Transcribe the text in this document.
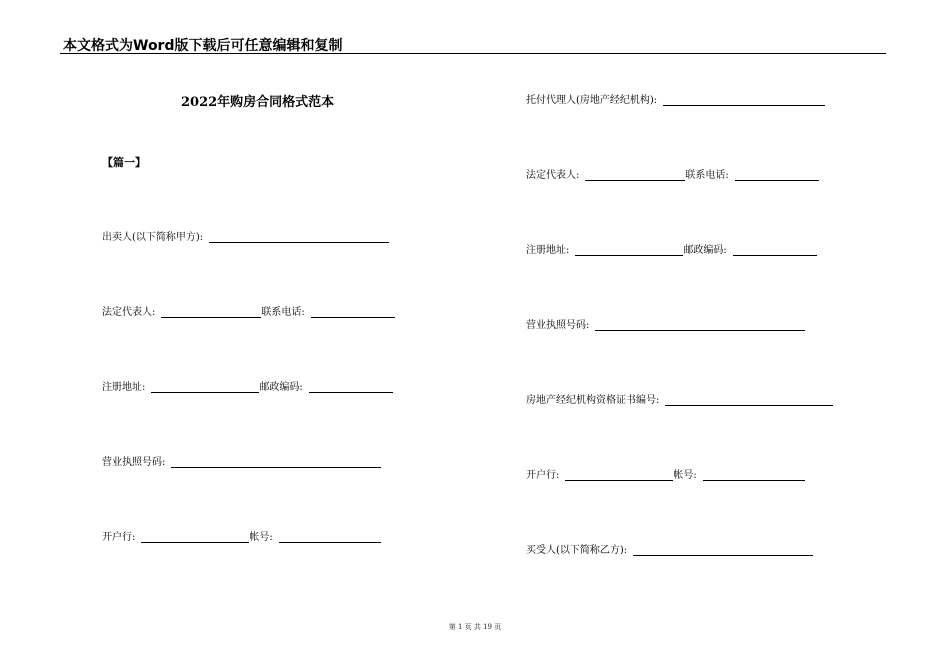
本文格式为Word版下载后可任意编辑和复制
2022年购房合同格式范本
【篇一】
出卖人(以下简称甲方):
法定代表人:	联系电话:
注册地址:	邮政编码:
营业执照号码:
开户行:	帐号:
托付代理人(房地产经纪机构):
法定代表人:	联系电话:
注册地址:	邮政编码:
营业执照号码:
房地产经纪机构资格证书编号:
开户行:	帐号:
买受人(以下简称乙方):
第 1 页 共 19 页
